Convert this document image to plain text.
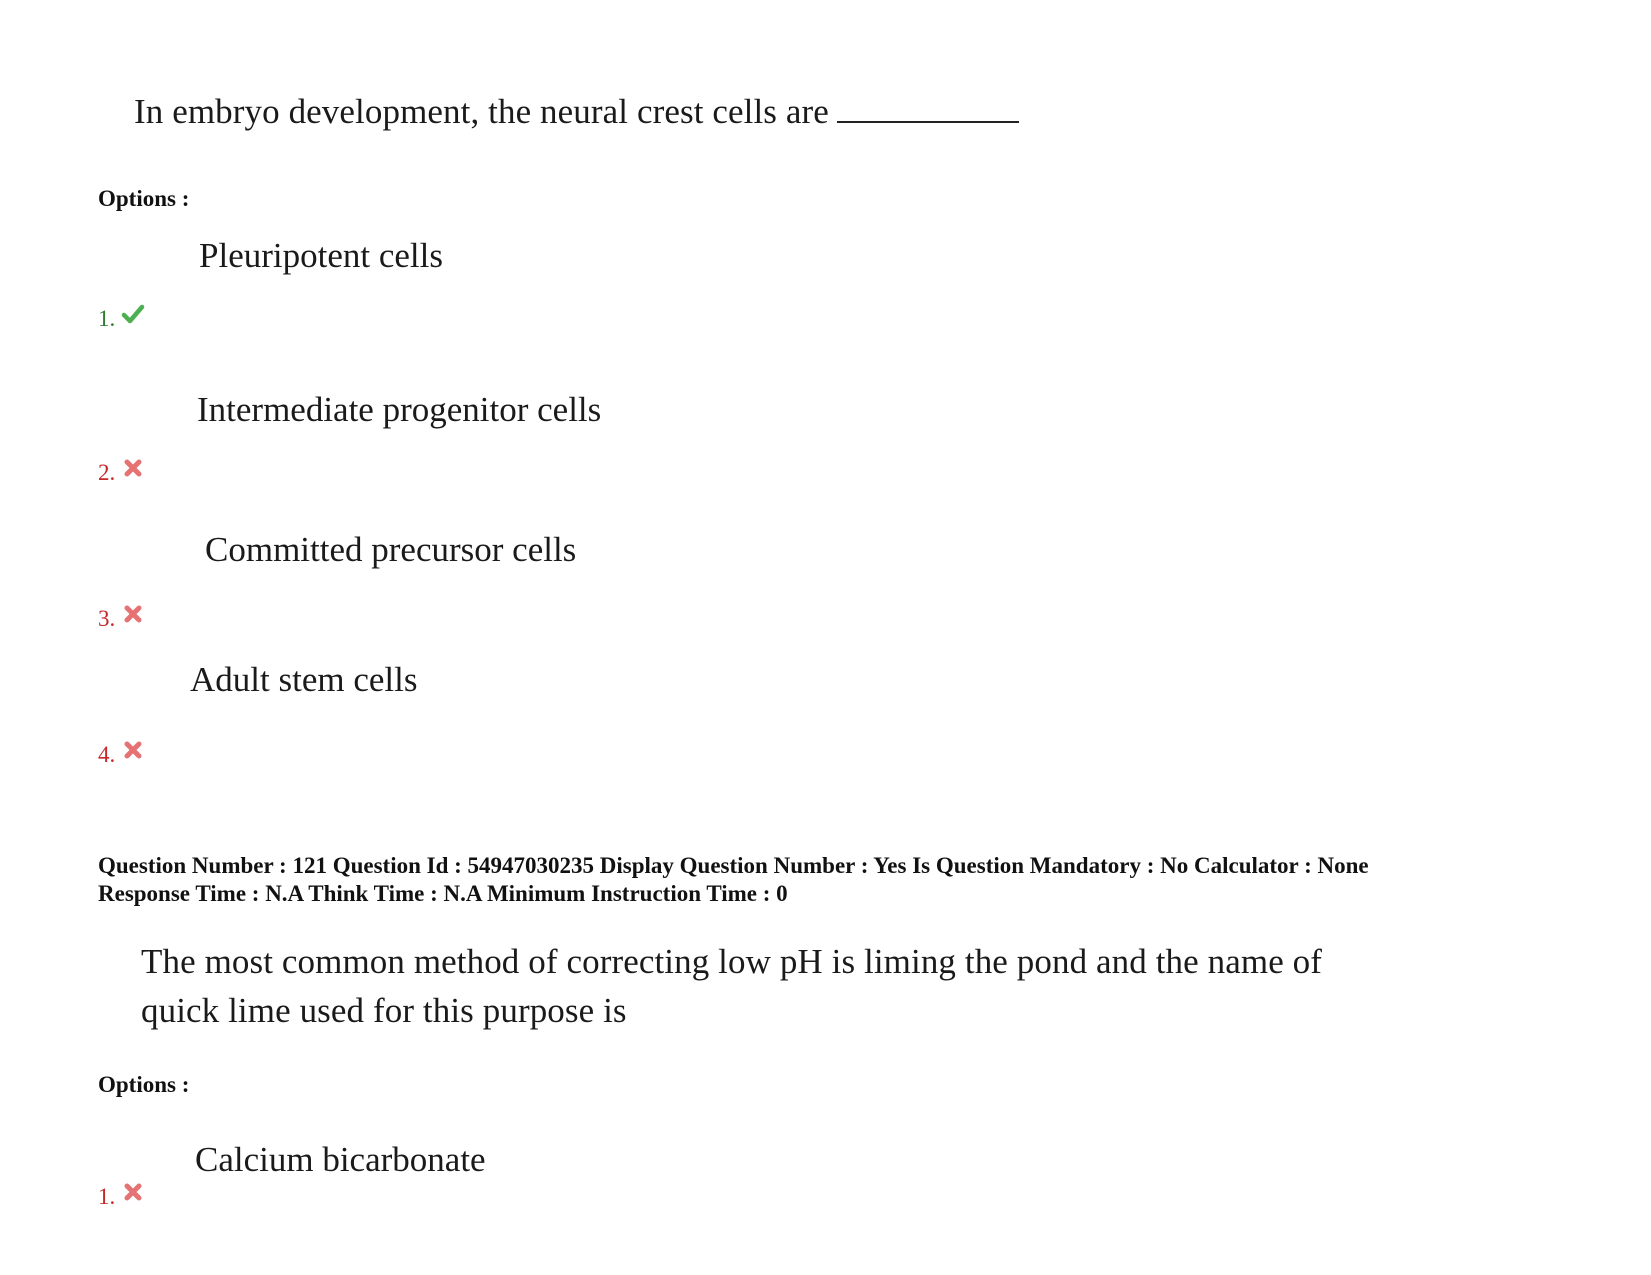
In embryo development, the neural crest cells are
Options :
Pleuripotent cells
1.
Intermediate progenitor cells
2.
Committed precursor cells
3.
Adult stem cells
4.
Question Number : 121 Question Id : 54947030235 Display Question Number : Yes Is Question Mandatory : No Calculator : None
Response Time : N.A Think Time : N.A Minimum Instruction Time : 0
The most common method of correcting low pH is liming the pond and the name of
quick lime used for this purpose is
Options :
Calcium bicarbonate
1.
